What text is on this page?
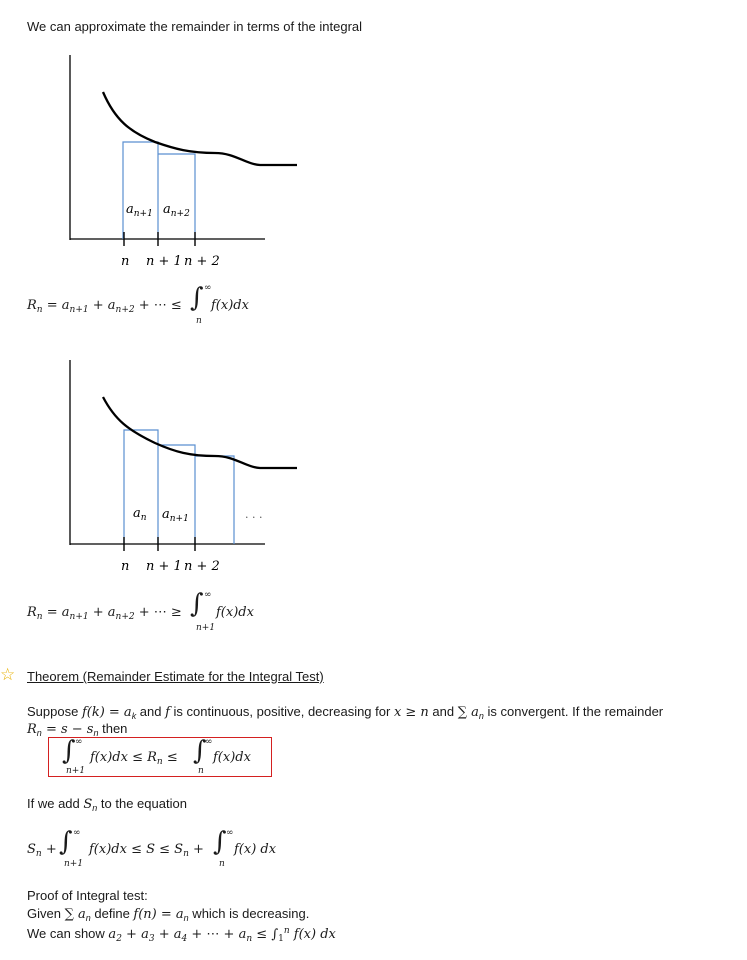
We can approximate the remainder in terms of the integral
$a_{n+1}$ $a_{n+2}$
n n + 1 n + 2
$R_n = a_{n+1} + a_{n+2}$ + ⋯ ≤ ∫ ∞
n
f(x)dx
$a_n$ $a_{n+1}$	. . .
n n + 1 n + 2
$R_n = a_{n+1} + a_{n+2}$ + ⋯ ≥ ∫ ∞
n+1
f(x)dx
☆ Theorem (Remainder Estimate for the Integral Test)
Suppose $f(k) = a_k$ and f is continuous, positive, decreasing for x ≥ n and ∑ $a_n$ is convergent. If the remainder
$R_n = s - s_n$ then
∫ ∞
n+1
$f(x)dx \le R_n$ ≤ ∫
∞
n
f(x)dx
If we add $S_n$ to the equation
$S_n$ + ∫ ∞
n+1
$f(x)dx \le S \le S_n$ + ∫ ∞
n
f(x) dx
Proof of Integral test:
Given ∑ $a_n$ define $f(n) = a_n$ which is decreasing.
We can show $a_2 + a_3 + a_4$ + ⋯ + $a_n \le \int_1^n$ f(x) dx
